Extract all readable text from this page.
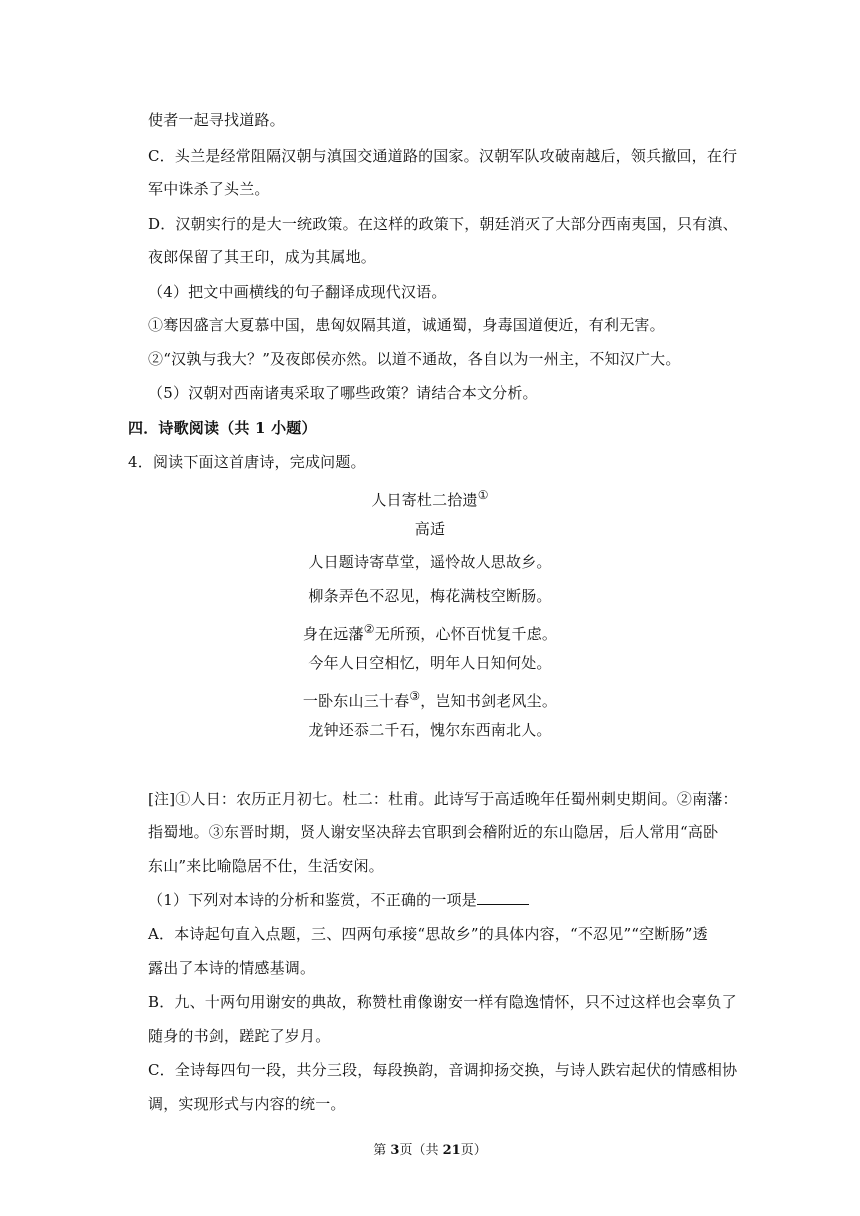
使者一起寻找道路。
C．头兰是经常阻隔汉朝与滇国交通道路的国家。汉朝军队攻破南越后，领兵撤回，在行
军中诛杀了头兰。
D．汉朝实行的是大一统政策。在这样的政策下，朝廷消灭了大部分西南夷国，只有滇、
夜郎保留了其王印，成为其属地。
（4）把文中画横线的句子翻译成现代汉语。
①骞因盛言大夏慕中国，患匈奴隔其道，诚通蜀，身毒国道便近，有利无害。
②“汉孰与我大？”及夜郎侯亦然。以道不通故，各自以为一州主，不知汉广大。
（5）汉朝对西南诸夷采取了哪些政策？请结合本文分析。
四．诗歌阅读（共 1 小题）
4．阅读下面这首唐诗，完成问题。
人日寄杜二拾遗①
高适
人日题诗寄草堂，遥怜故人思故乡。
柳条弄色不忍见，梅花满枝空断肠。
身在远藩②无所预，心怀百忧复千虑。
今年人日空相忆，明年人日知何处。
一卧东山三十春③，岂知书剑老风尘。
龙钟还忝二千石，愧尔东西南北人。
[注]①人日：农历正月初七。杜二：杜甫。此诗写于高适晚年任蜀州刺史期间。②南藩：
指蜀地。③东晋时期，贤人谢安坚决辞去官职到会稽附近的东山隐居，后人常用“高卧
东山”来比喻隐居不仕，生活安闲。
（1）下列对本诗的分析和鉴赏，不正确的一项是
A．本诗起句直入点题，三、四两句承接“思故乡”的具体内容，“不忍见”“空断肠”透
露出了本诗的情感基调。
B．九、十两句用谢安的典故，称赞杜甫像谢安一样有隐逸情怀，只不过这样也会辜负了
随身的书剑，蹉跎了岁月。
C．全诗每四句一段，共分三段，每段换韵，音调抑扬交换，与诗人跌宕起伏的情感相协
调，实现形式与内容的统一。
第 3页（共 21页）
